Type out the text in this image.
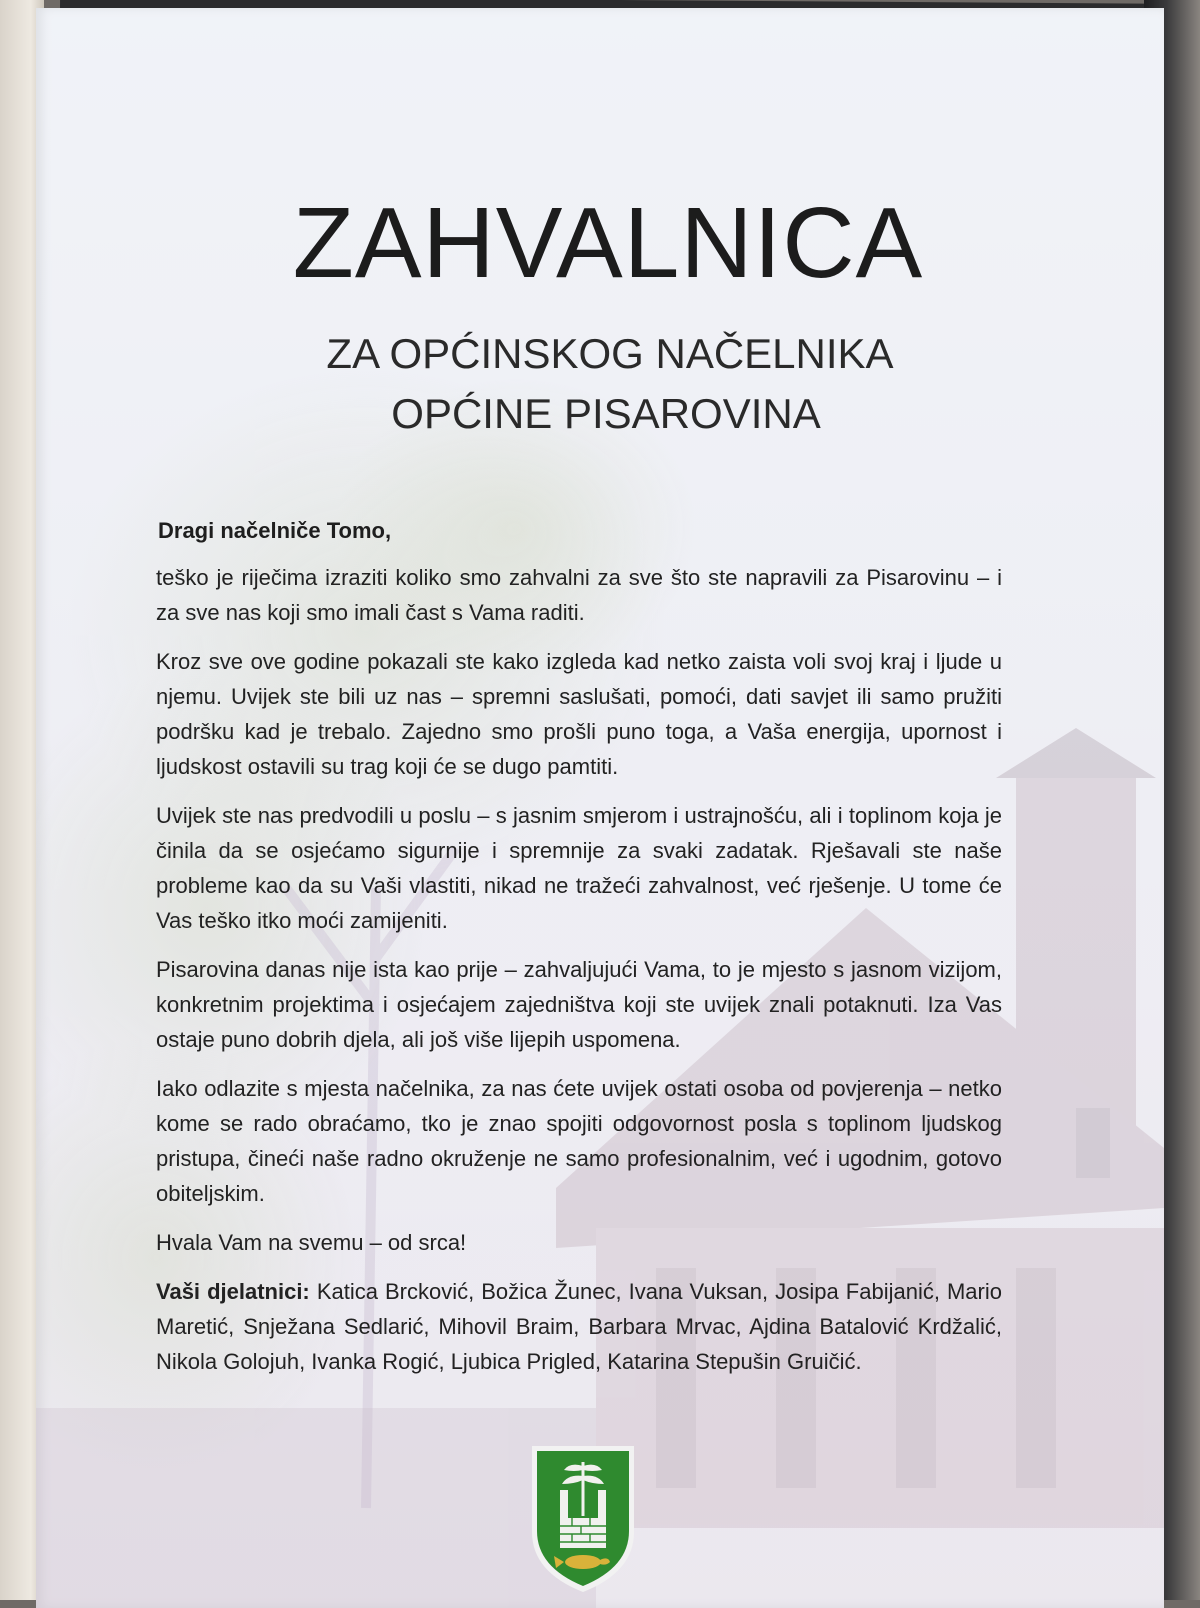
ZAHVALNICA

ZA OPĆINSKOG NAČELNIKA

OPĆINE PISAROVINA

Dragi načelniče Tomo,

teško je riječima izraziti koliko smo zahvalni za sve što ste napravili za Pisarovinu – i za sve nas koji smo imali čast s Vama raditi.

Kroz sve ove godine pokazali ste kako izgleda kad netko zaista voli svoj kraj i ljude u njemu. Uvijek ste bili uz nas – spremni saslušati, pomoći, dati savjet ili samo pružiti podršku kad je trebalo. Zajedno smo prošli puno toga, a Vaša energija, upornost i ljudskost ostavili su trag koji će se dugo pamtiti.

Uvijek ste nas predvodili u poslu – s jasnim smjerom i ustrajnošću, ali i toplinom koja je činila da se osjećamo sigurnije i spremnije za svaki zadatak. Rješavali ste naše probleme kao da su Vaši vlastiti, nikad ne tražeći zahvalnost, već rješenje. U tome će Vas teško itko moći zamijeniti.

Pisarovina danas nije ista kao prije – zahvaljujući Vama, to je mjesto s jasnom vizijom, konkretnim projektima i osjećajem zajedništva koji ste uvijek znali potaknuti. Iza Vas ostaje puno dobrih djela, ali još više lijepih uspomena.

Iako odlazite s mjesta načelnika, za nas ćete uvijek ostati osoba od povjerenja – netko kome se rado obraćamo, tko je znao spojiti odgovornost posla s toplinom ljudskog pristupa, čineći naše radno okruženje ne samo profesionalnim, već i ugodnim, gotovo obiteljskim.

Hvala Vam na svemu – od srca!

Vaši djelatnici: Katica Brcković, Božica Žunec, Ivana Vuksan, Josipa Fabijanić, Mario Maretić, Snježana Sedlarić, Mihovil Braim, Barbara Mrvac, Ajdina Batalović Krdžalić, Nikola Golojuh, Ivanka Rogić, Ljubica Prigled, Katarina Stepušin Gruičić.
